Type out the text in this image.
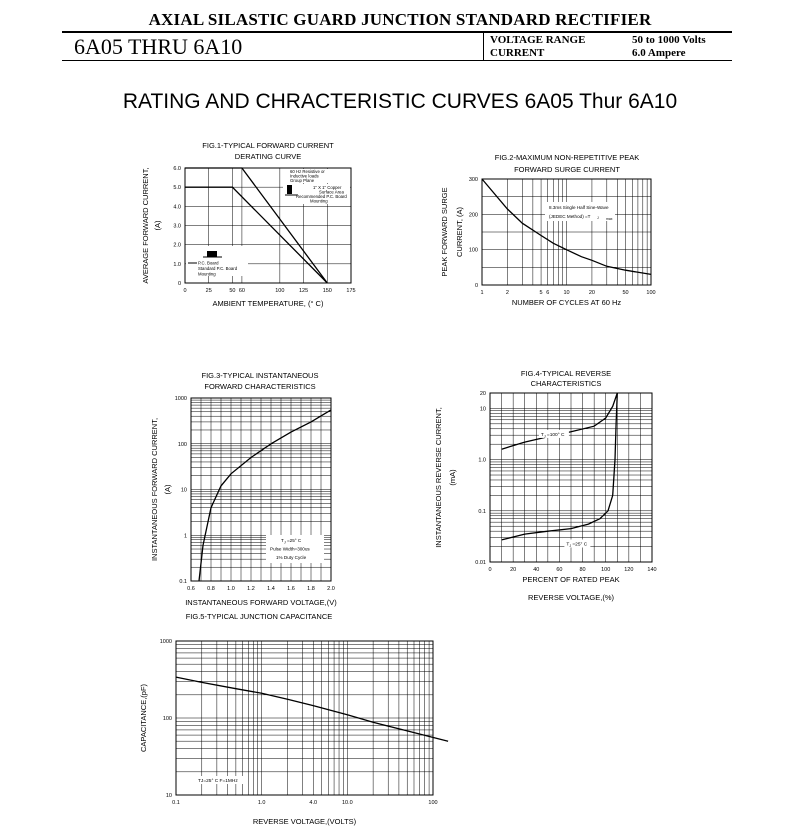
AXIAL SILASTIC GUARD JUNCTION STANDARD RECTIFIER
6A05 THRU 6A10	VOLTAGE RANGE	50 to 1000 Volts
CURRENT	6.0 Ampere
RATING AND CHRACTERISTIC CURVES 6A05 Thur 6A10
0	25	50 60	100	125	150	175
0
1.0
2.0
3.0
4.0
5.0
6.0
FIG.1-TYPICAL FORWARD CURRENT
DERATING CURVE
AMBIENT TEMPERATURE, (° C)
AVERAGE FORWARD CURRENT, (A)
60 Hz Resistive or
Inductive loads
Group Plane
1" X 1" Copper
Surface Area
Recommended P.C. Board
Mounting
P.C. Board
Standard P.C. Board
Mounting
1	2	5 6	10	20	50	100
0
100
200
300
FIG.2-MAXIMUM NON-REPETITIVE PEAK
FORWARD SURGE CURRENT
NUMBER OF CYCLES AT 60 Hz
PEAK FORWARD SURGE CURRENT, (A)	8.3ms Single Half Sine-Wave
(JEDEC Method) =T J max
0.6 0.8 1.0 1.2 1.4 1.6 1.8 2.0
0.1
1
10
100
1000
FIG.3-TYPICAL INSTANTANEOUS
FORWARD CHARACTERISTICS
INSTANTANEOUS FORWARD VOLTAGE,(V)
INSTANTANEOUS FORWARD CURRENT, (A)
T J =25° C
Pulse Width=300us
1% Duty Cycle
0	20	40	60	80	100	120	140
0.01
0.1
1.0
10
20
FIG.4-TYPICAL REVERSE
CHARACTERISTICS
PERCENT OF RATED PEAK
REVERSE VOLTAGE,(%)
INSTANTANEOUS REVERSE CURRENT, (mA)
T J =100° C
T J =25° C
0.1	1.0	4.0	10.0	100
10
100
1000
FIG.5-TYPICAL JUNCTION CAPACITANCE
REVERSE VOLTAGE,(VOLTS)
CAPACITANCE,(pF)
TJ=25° C F=1MHz
